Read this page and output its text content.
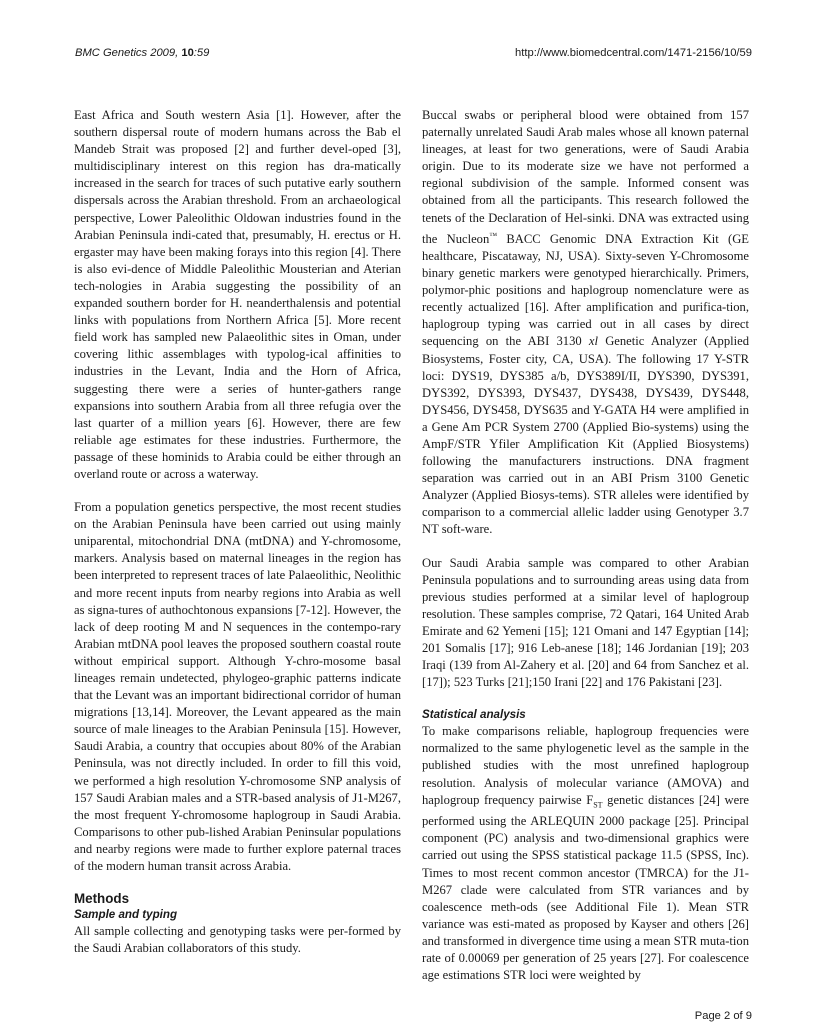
BMC Genetics 2009, 10:59	http://www.biomedcentral.com/1471-2156/10/59

East Africa and South western Asia [1]. However, after the southern dispersal route of modern humans across the Bab el Mandeb Strait was proposed [2] and further devel-oped [3], multidisciplinary interest on this region has dra-matically increased in the search for traces of such putative early southern dispersals across the Arabian threshold. From an archaeological perspective, Lower Paleolithic Oldowan industries found in the Arabian Peninsula indi-cated that, presumably, H. erectus or H. ergaster may have been making forays into this region [4]. There is also evi-dence of Middle Paleolithic Mousterian and Aterian tech-nologies in Arabia suggesting the possibility of an expanded southern border for H. neanderthalensis and potential links with populations from Northern Africa [5]. More recent field work has sampled new Palaeolithic sites in Oman, under covering lithic assemblages with typolog-ical affinities to industries in the Levant, India and the Horn of Africa, suggesting there were a series of hunter-gathers range expansions into southern Arabia from all three refugia over the last quarter of a million years [6]. However, there are few reliable age estimates for these industries. Furthermore, the passage of these hominids to Arabia could be either through an overland route or across a waterway.

From a population genetics perspective, the most recent studies on the Arabian Peninsula have been carried out using mainly uniparental, mitochondrial DNA (mtDNA) and Y-chromosome, markers. Analysis based on maternal lineages in the region has been interpreted to represent traces of late Palaeolithic, Neolithic and more recent inputs from nearby regions into Arabia as well as signa-tures of authochtonous expansions [7-12]. However, the lack of deep rooting M and N sequences in the contempo-rary Arabian mtDNA pool leaves the proposed southern coastal route without empirical support. Although Y-chro-mosome basal lineages remain undetected, phylogeo-graphic patterns indicate that the Levant was an important bidirectional corridor of human migrations [13,14]. Moreover, the Levant appeared as the main source of male lineages to the Arabian Peninsula [15]. However, Saudi Arabia, a country that occupies about 80% of the Arabian Peninsula, was not directly included. In order to fill this void, we performed a high resolution Y-chromosome SNP analysis of 157 Saudi Arabian males and a STR-based analysis of J1-M267, the most frequent Y-chromosome haplogroup in Saudi Arabia. Comparisons to other pub-lished Arabian Peninsular populations and nearby regions were made to further explore paternal traces of the modern human transit across Arabia.

Methods
Sample and typing

All sample collecting and genotyping tasks were per-formed by the Saudi Arabian collaborators of this study.

Buccal swabs or peripheral blood were obtained from 157 paternally unrelated Saudi Arab males whose all known paternal lineages, at least for two generations, were of Saudi Arabia origin. Due to its moderate size we have not performed a regional subdivision of the sample. Informed consent was obtained from all the participants. This research followed the tenets of the Declaration of Hel-sinki. DNA was extracted using the Nucleon™ BACC Genomic DNA Extraction Kit (GE healthcare, Piscataway, NJ, USA). Sixty-seven Y-Chromosome binary genetic markers were genotyped hierarchically. Primers, polymor-phic positions and haplogroup nomenclature were as recently actualized [16]. After amplification and purifica-tion, haplogroup typing was carried out in all cases by direct sequencing on the ABI 3130 xl Genetic Analyzer (Applied Biosystems, Foster city, CA, USA). The following 17 Y-STR loci: DYS19, DYS385 a/b, DYS389I/II, DYS390, DYS391, DYS392, DYS393, DYS437, DYS438, DYS439, DYS448, DYS456, DYS458, DYS635 and Y-GATA H4 were amplified in a Gene Am PCR System 2700 (Applied Bio-systems) using the AmpF/STR Yfiler Amplification Kit (Applied Biosystems) following the manufacturers instructions. DNA fragment separation was carried out in an ABI Prism 3100 Genetic Analyzer (Applied Biosys-tems). STR alleles were identified by comparison to a commercial allelic ladder using Genotyper 3.7 NT soft-ware.

Our Saudi Arabia sample was compared to other Arabian Peninsula populations and to surrounding areas using data from previous studies performed at a similar level of haplogroup resolution. These samples comprise, 72 Qatari, 164 United Arab Emirate and 62 Yemeni [15]; 121 Omani and 147 Egyptian [14]; 201 Somalis [17]; 916 Leb-anese [18]; 146 Jordanian [19]; 203 Iraqi (139 from Al-Zahery et al. [20] and 64 from Sanchez et al. [17]); 523 Turks [21];150 Irani [22] and 176 Pakistani [23].

Statistical analysis

To make comparisons reliable, haplogroup frequencies were normalized to the same phylogenetic level as the sample in the published studies with the most unrefined haplogroup resolution. Analysis of molecular variance (AMOVA) and haplogroup frequency pairwise $F_{ST}$ genetic distances [24] were performed using the ARLEQUIN 2000 package [25]. Principal component (PC) analysis and two-dimensional graphics were carried out using the SPSS statistical package 11.5 (SPSS, Inc). Times to most recent common ancestor (TMRCA) for the J1-M267 clade were calculated from STR variances and by coalescence meth-ods (see Additional File 1). Mean STR variance was esti-mated as proposed by Kayser and others [26] and transformed in divergence time using a mean STR muta-tion rate of 0.00069 per generation of 25 years [27]. For coalescence age estimations STR loci were weighted by

Page 2 of 9
